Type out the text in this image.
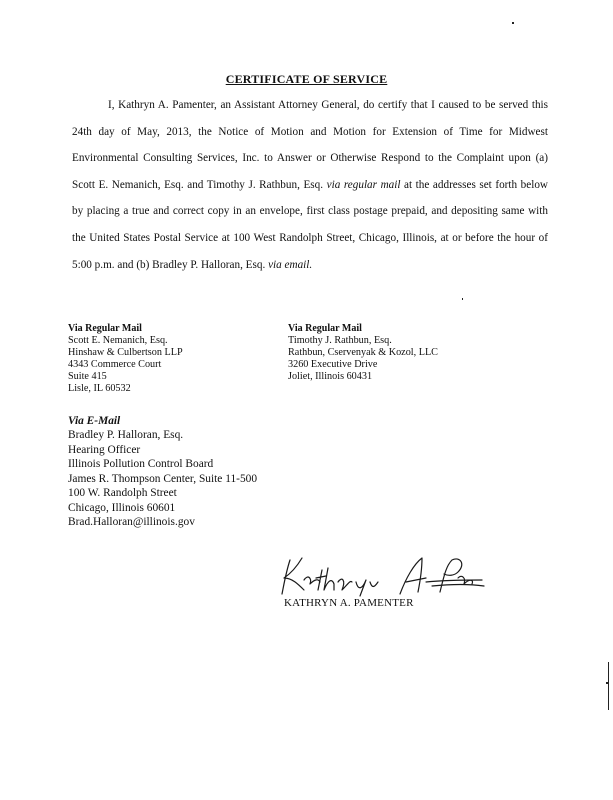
CERTIFICATE OF SERVICE
I, Kathryn A. Pamenter, an Assistant Attorney General, do certify that I caused to be served this 24th day of May, 2013, the Notice of Motion and Motion for Extension of Time for Midwest Environmental Consulting Services, Inc. to Answer or Otherwise Respond to the Complaint upon (a) Scott E. Nemanich, Esq. and Timothy J. Rathbun, Esq. via regular mail at the addresses set forth below by placing a true and correct copy in an envelope, first class postage prepaid, and depositing same with the United States Postal Service at 100 West Randolph Street, Chicago, Illinois, at or before the hour of 5:00 p.m. and (b) Bradley P. Halloran, Esq. via email.
Via Regular Mail
Scott E. Nemanich, Esq.
Hinshaw & Culbertson LLP
4343 Commerce Court
Suite 415
Lisle, IL 60532
Via Regular Mail
Timothy J. Rathbun, Esq.
Rathbun, Cservenyak & Kozol, LLC
3260 Executive Drive
Joliet, Illinois 60431
Via E-Mail
Bradley P. Halloran, Esq.
Hearing Officer
Illinois Pollution Control Board
James R. Thompson Center, Suite 11-500
100 W. Randolph Street
Chicago, Illinois 60601
Brad.Halloran@illinois.gov
KATHRYN A. PAMENTER
